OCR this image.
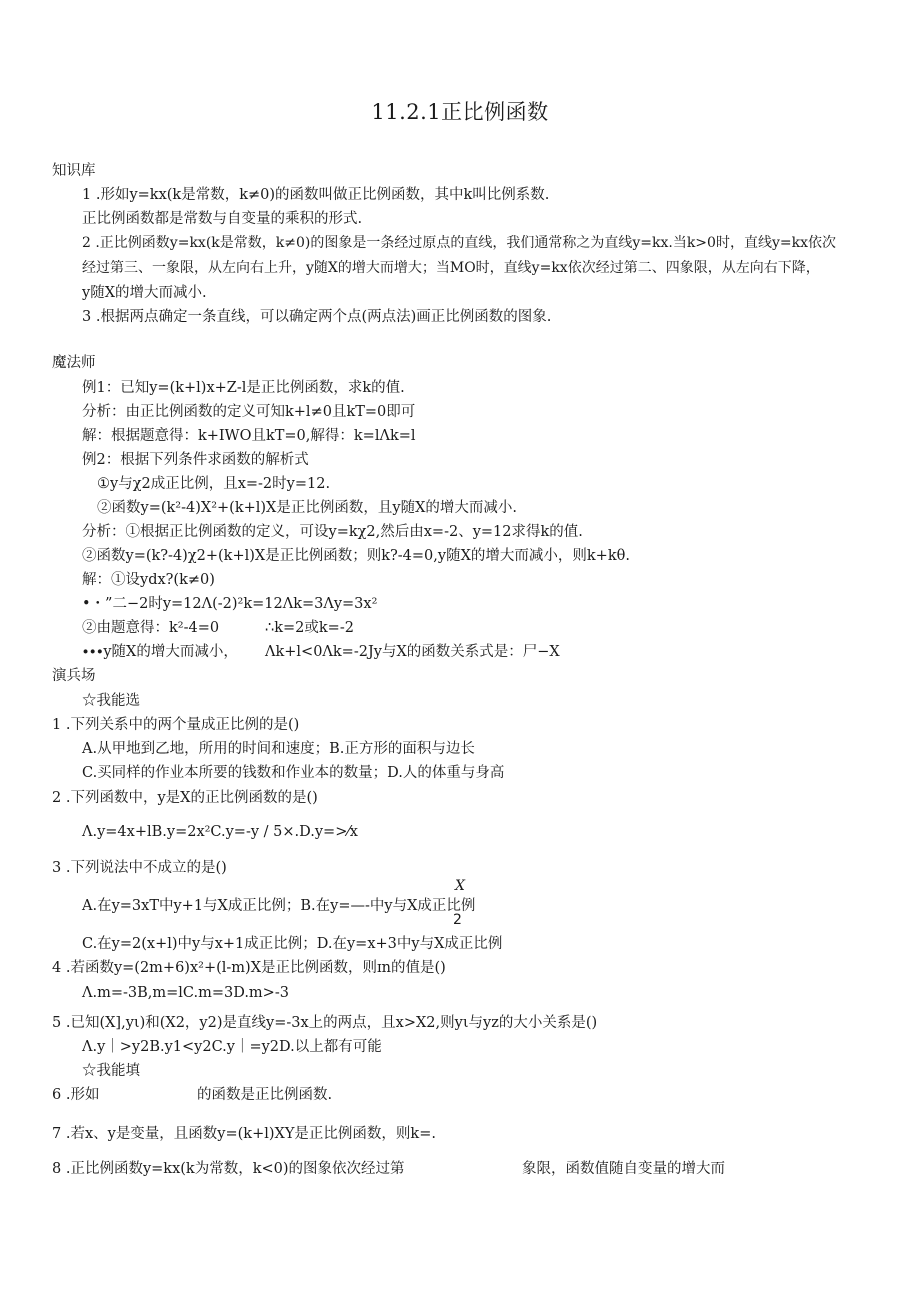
11.2.1正比例函数
知识库
1 .形如y=kx(k是常数，k≠0)的函数叫做正比例函数，其中k叫比例系数.
正比例函数都是常数与自变量的乘积的形式.
2 .正比例函数y=kx(k是常数，k≠0)的图象是一条经过原点的直线，我们通常称之为直线y=kx.当k>0时，直线y=kx依次
经过第三、一象限，从左向右上升，y随X的增大而增大；当MO时，直线y=kx依次经过第二、四象限，从左向右下降，
y随X的增大而减小.
3 .根据两点确定一条直线，可以确定两个点(两点法)画正比例函数的图象.
魔法师
例1：已知y=(k+l)x+Z-l是正比例函数，求k的值.
分析：由正比例函数的定义可知k+l≠0且kT=0即可
解：根据题意得：k+IWO且kT=0,解得：k=lΛk=l
例2：根据下列条件求函数的解析式
①y与χ2成正比例，且x=-2时y=12.
②函数y=(k²-4)X²+(k+l)X是正比例函数，且y随X的增大而减小.
分析：①根据正比例函数的定义，可设y=kχ2,然后由x=-2、y=12求得k的值.
②函数y=(k?-4)χ2+(k+l)X是正比例函数；则k?-4=0,y随X的增大而减小，则k+kθ.
解：①设ydx?(k≠0)
•・”二−2时y=12Λ(-2)²k=12Λk=3Λy=3x²
②由题意得：k²-4=0	∴k=2或k=-2
∙∙∙y随X的增大而减小， Λk+l<0Λk=-2Jy与X的函数关系式是：尸−X
演兵场
☆我能选
1 .下列关系中的两个量成正比例的是()
A.从甲地到乙地，所用的时间和速度；B.正方形的面积与边长
C.买同样的作业本所要的钱数和作业本的数量；D.人的体重与身高
2 .下列函数中，y是X的正比例函数的是()
Λ.y=4x+lB.y=2x²C.y=-y / 5×.D.y=>⁄x
3 .下列说法中不成立的是()
X
A.在y=3xT中y+1与X成正比例；B.在y=—-中y与X成正比例
2
C.在y=2(x+l)中y与x+1成正比例；D.在y=x+3中y与X成正比例
4 .若函数y=(2m+6)x²+(l-m)X是正比例函数，则ɪn的值是()
Λ.m=-3B,m=lC.m=3D.m>-3
5 .已知(X],yι)和(X2，y2)是直线y=-3x上的两点，且x>X2,则yι与yz的大小关系是()
Λ.y｜>y2B.y1<y2C.y｜=y2D.以上都有可能
☆我能填
6 .形如	的函数是正比例函数.
7 .若x、y是变量，且函数y=(k+l)XY是正比例函数，则k=.
8 .正比例函数y=kx(k为常数，k<0)的图象依次经过第	象限，函数值随自变量的增大而
